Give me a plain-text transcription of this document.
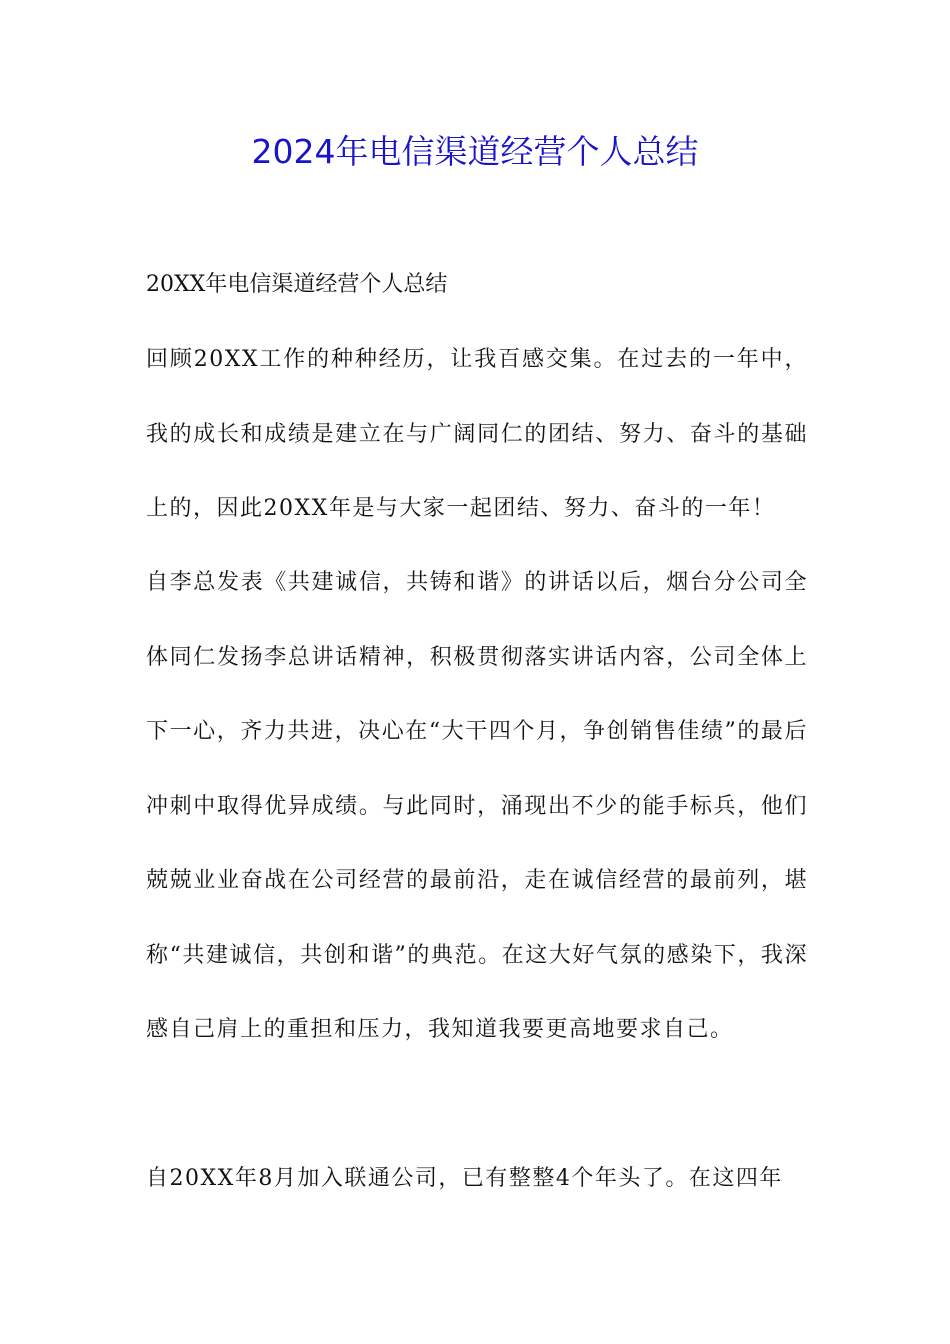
2024年电信渠道经营个人总结

20XX年电信渠道经营个人总结

回顾20XX工作的种种经历，让我百感交集。在过去的一年中，我的成长和成绩是建立在与广阔同仁的团结、努力、奋斗的基础上的，因此20XX年是与大家一起团结、努力、奋斗的一年！

自李总发表《共建诚信，共铸和谐》的讲话以后，烟台分公司全体同仁发扬李总讲话精神，积极贯彻落实讲话内容，公司全体上下一心，齐力共进，决心在“大干四个月，争创销售佳绩”的最后冲刺中取得优异成绩。与此同时，涌现出不少的能手标兵，他们兢兢业业奋战在公司经营的最前沿，走在诚信经营的最前列，堪称“共建诚信，共创和谐”的典范。在这大好气氛的感染下，我深感自己肩上的重担和压力，我知道我要更高地要求自己。

自20XX年8月加入联通公司，已有整整4个年头了。在这四年
